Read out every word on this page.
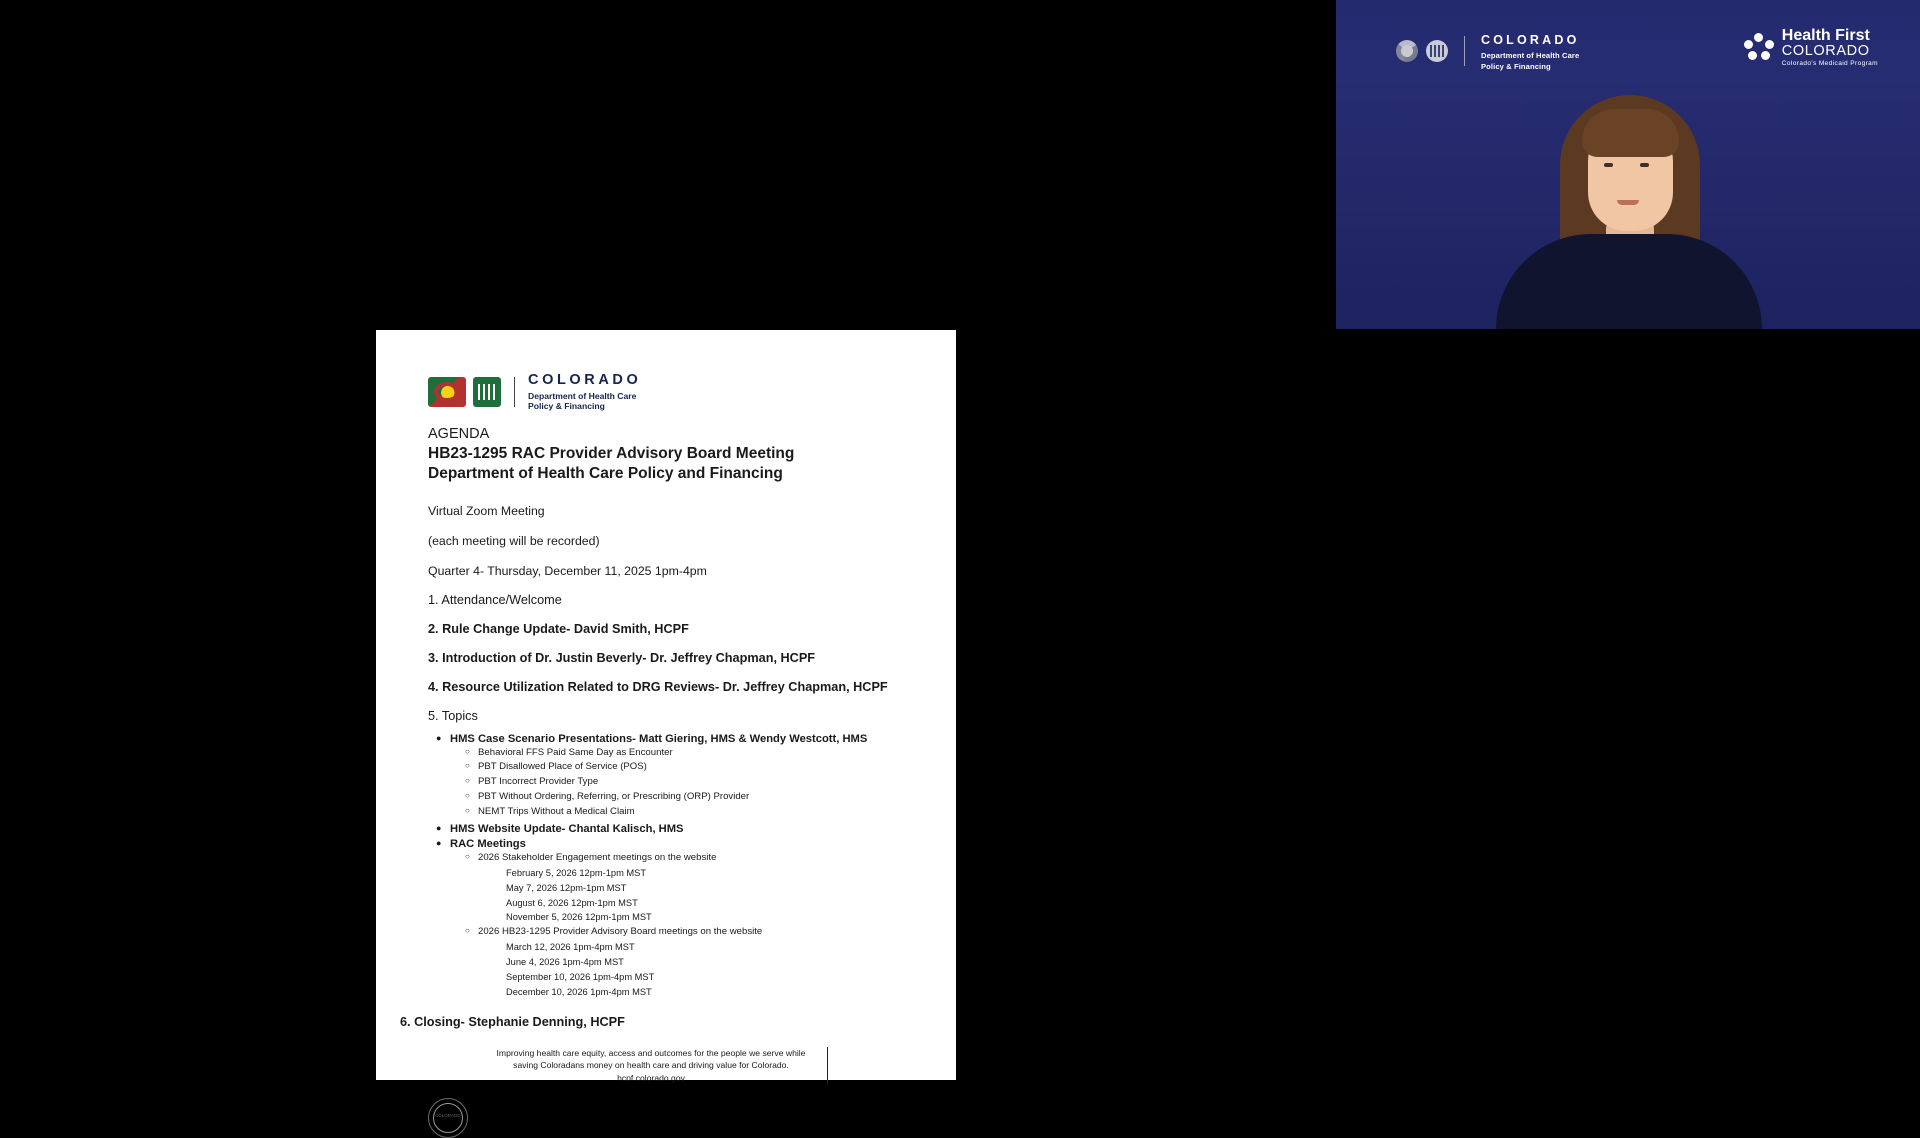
COLORADO
Department of Health Care
Policy & Financing
Health First
COLORADO
Colorado's Medicaid Program
COLORADO
Department of Health Care
Policy & Financing
AGENDA
HB23-1295 RAC Provider Advisory Board Meeting
Department of Health Care Policy and Financing
Virtual Zoom Meeting
(each meeting will be recorded)
Quarter 4- Thursday, December 11, 2025 1pm-4pm
1. Attendance/Welcome
2. Rule Change Update- David Smith, HCPF
3. Introduction of Dr. Justin Beverly- Dr. Jeffrey Chapman, HCPF
4. Resource Utilization Related to DRG Reviews- Dr. Jeffrey Chapman, HCPF
5. Topics
● HMS Case Scenario Presentations- Matt Giering, HMS & Wendy Westcott, HMS
○ Behavioral FFS Paid Same Day as Encounter
○ PBT Disallowed Place of Service (POS)
○ PBT Incorrect Provider Type
○ PBT Without Ordering, Referring, or Prescribing (ORP) Provider
○ NEMT Trips Without a Medical Claim
● HMS Website Update- Chantal Kalisch, HMS
● RAC Meetings
○ 2026 Stakeholder Engagement meetings on the website
February 5, 2026 12pm-1pm MST
May 7, 2026 12pm-1pm MST
August 6, 2026 12pm-1pm MST
November 5, 2026 12pm-1pm MST
○ 2026 HB23-1295 Provider Advisory Board meetings on the website
March 12, 2026 1pm-4pm MST
June 4, 2026 1pm-4pm MST
September 10, 2026 1pm-4pm MST
December 10, 2026 1pm-4pm MST
6. Closing- Stephanie Denning, HCPF
Improving health care equity, access and outcomes for the people we serve while
saving Coloradans money on health care and driving value for Colorado.
hcpf.colorado.gov
COLORADO
